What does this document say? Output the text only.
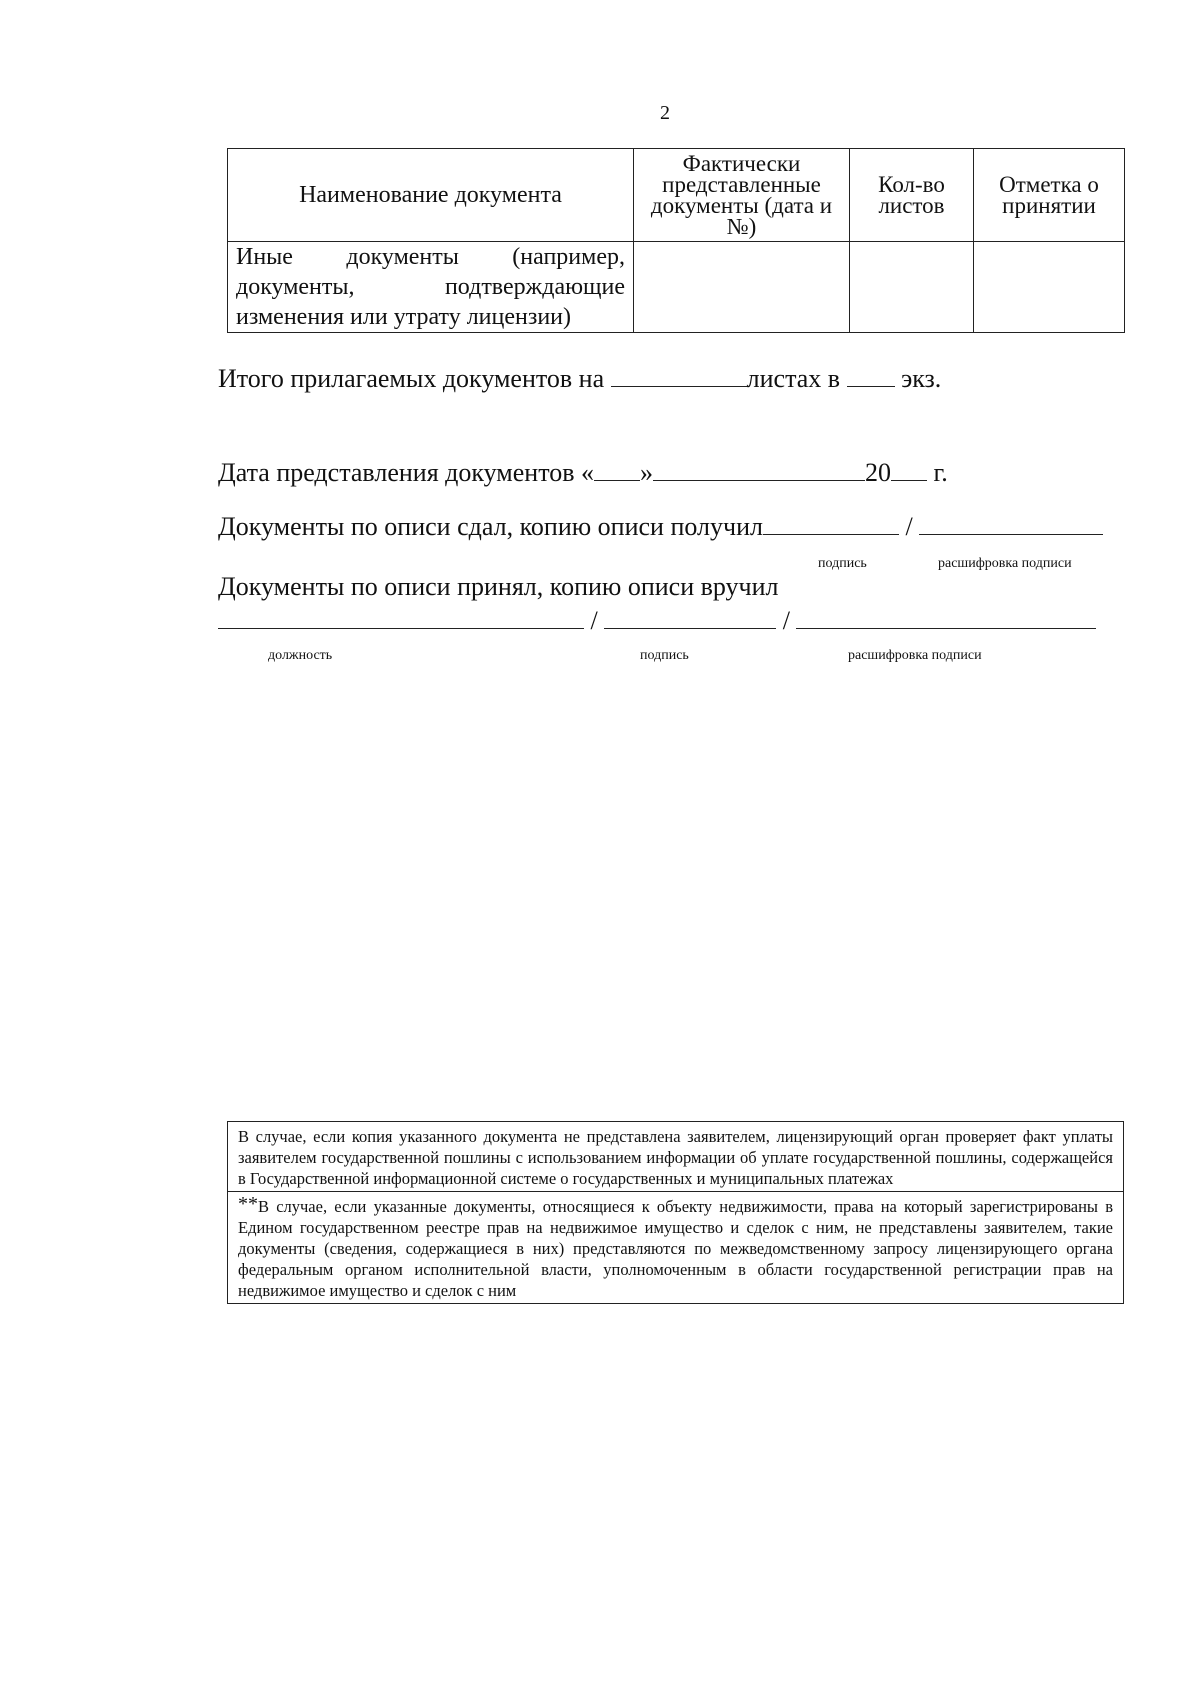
2
Наименование документа	Фактически представленные документы (дата и №)	Кол-во листов	Отметка о принятии
Иные документы (например, документы, подтверждающие изменения или утрату лицензии)			
Итого прилагаемых документов на	листах в экз.
Дата представления документов « »	20 г.
Документы по описи сдал, копию описи получил	/
подпись	расшифровка подписи
Документы по описи принял, копию описи вручил
/	/
должность	подпись	расшифровка подписи
В случае, если копия указанного документа не представлена заявителем, лицензирующий орган проверяет факт уплаты заявителем государственной пошлины с использованием информации об уплате государственной пошлины, содержащейся в Государственной информационной системе о государственных и муниципальных платежах
**В случае, если указанные документы, относящиеся к объекту недвижимости, права на который зарегистрированы в Едином государственном реестре прав на недвижимое имущество и сделок с ним, не представлены заявителем, такие документы (сведения, содержащиеся в них) представляются по межведомственному запросу лицензирующего органа федеральным органом исполнительной власти, уполномоченным в области государственной регистрации прав на недвижимое имущество и сделок с ним
